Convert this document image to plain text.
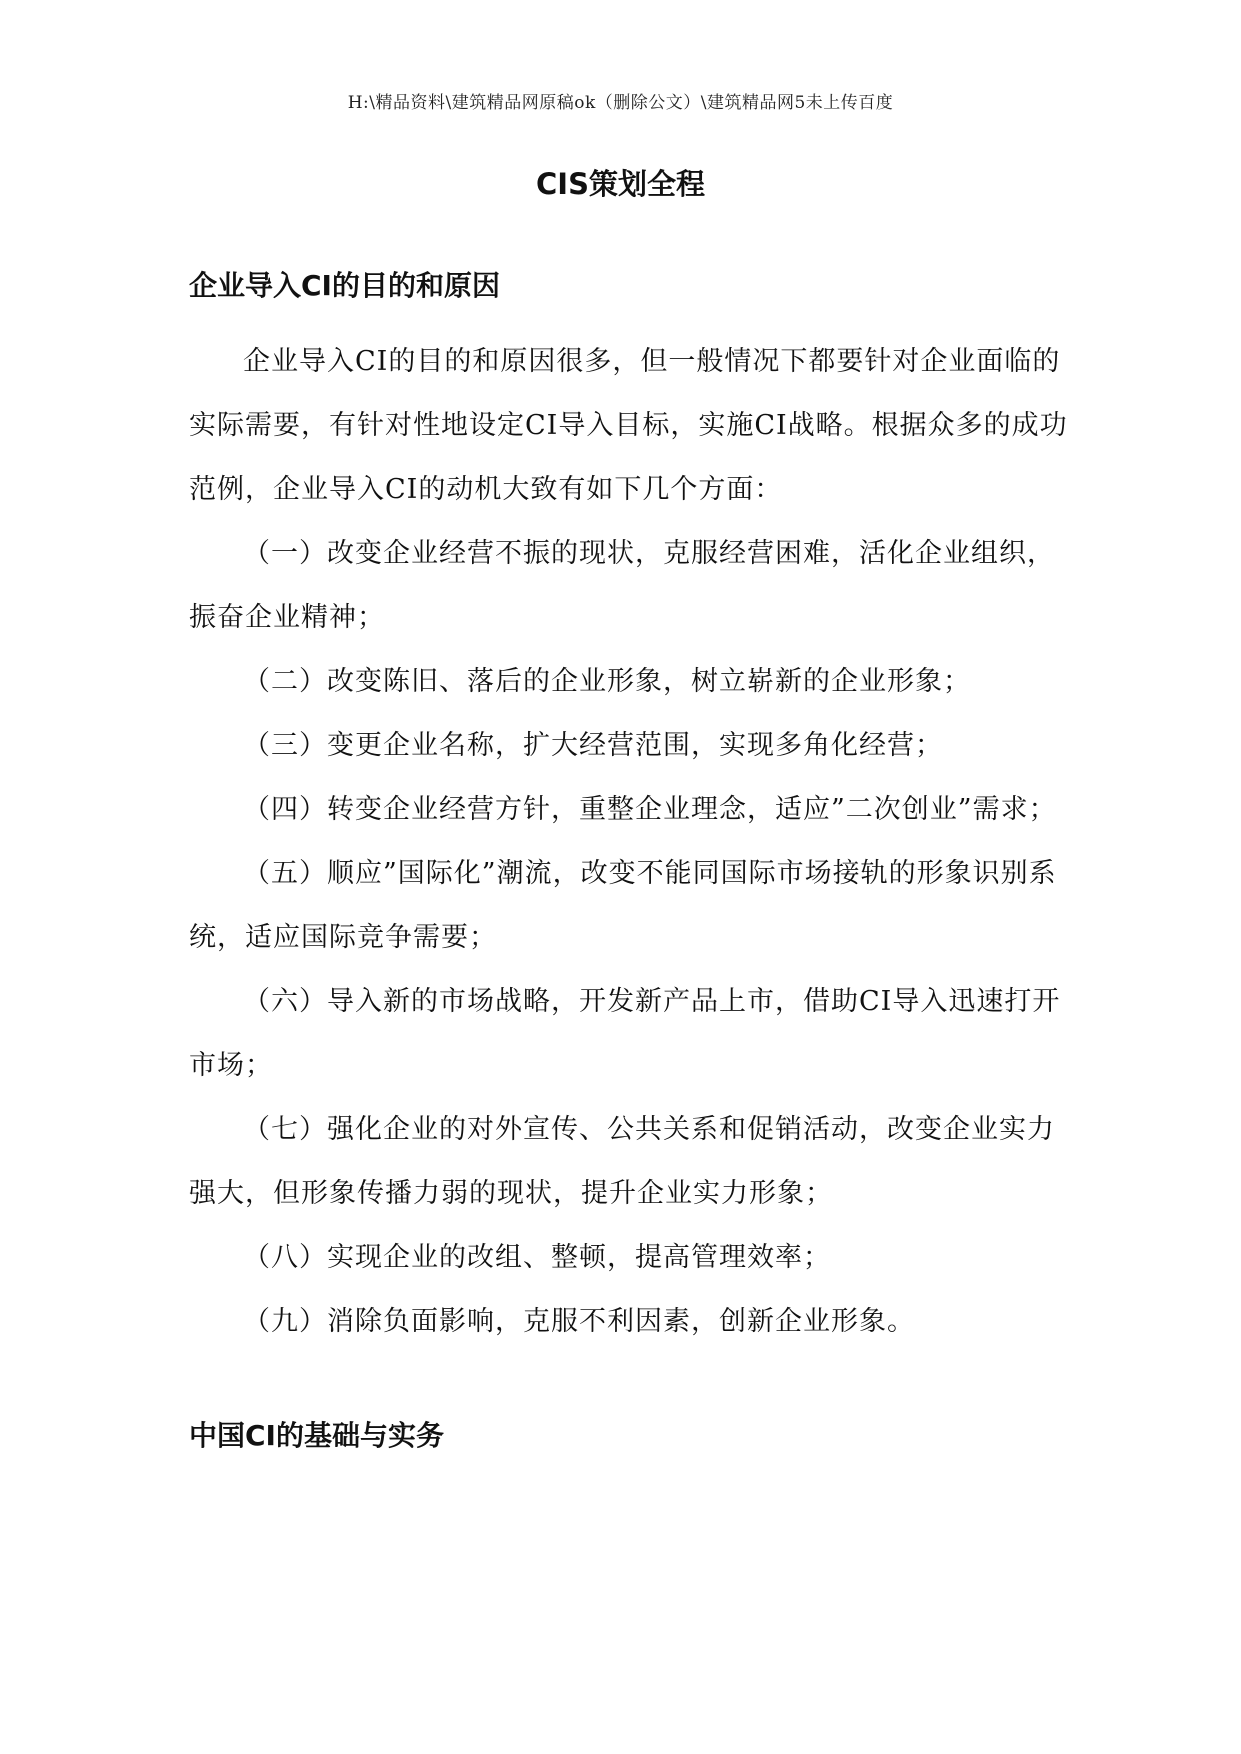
H:\精品资料\建筑精品网原稿ok（删除公文）\建筑精品网5未上传百度
CIS策划全程
企业导入CI的目的和原因

企业导入CI的目的和原因很多，但一般情况下都要针对企业面临的实际需要，有针对性地设定CI导入目标，实施CI战略。根据众多的成功范例，企业导入CI的动机大致有如下几个方面：

（一）改变企业经营不振的现状，克服经营困难，活化企业组织，振奋企业精神；

（二）改变陈旧、落后的企业形象，树立崭新的企业形象；

（三）变更企业名称，扩大经营范围，实现多角化经营；

（四）转变企业经营方针，重整企业理念，适应”二次创业”需求；

（五）顺应”国际化”潮流，改变不能同国际市场接轨的形象识别系统，适应国际竞争需要；

（六）导入新的市场战略，开发新产品上市，借助CI导入迅速打开市场；

（七）强化企业的对外宣传、公共关系和促销活动，改变企业实力强大，但形象传播力弱的现状，提升企业实力形象；

（八）实现企业的改组、整顿，提高管理效率；

（九）消除负面影响，克服不利因素，创新企业形象。

中国CI的基础与实务
